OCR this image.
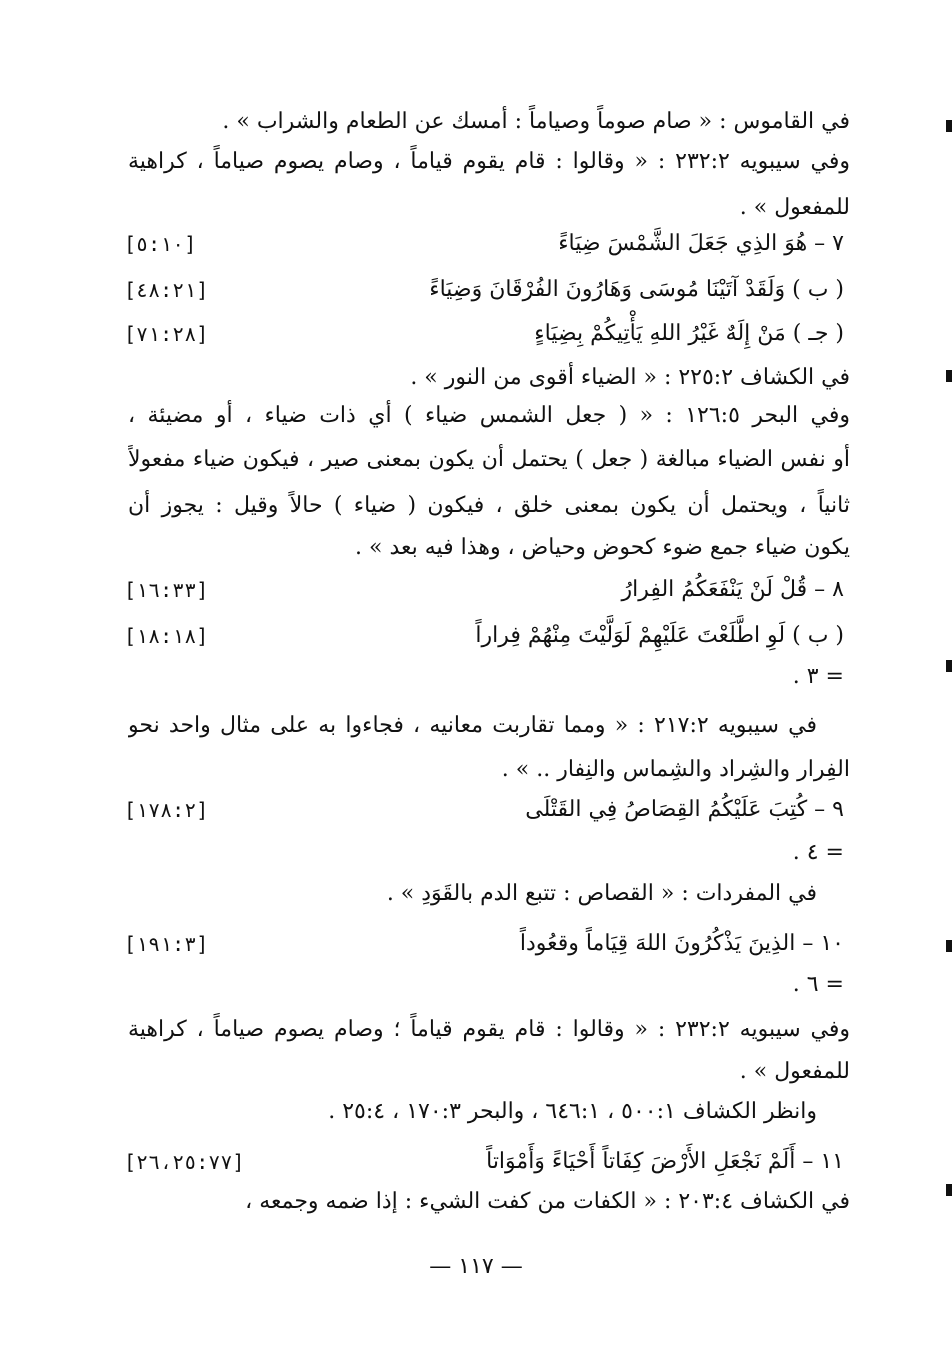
في القاموس : « صام صوماً وصياماً : أمسك عن الطعام والشراب » .
وفي سيبويه ٢٣٢:٢ : « وقالوا : قام يقوم قياماً ، وصام يصوم صياماً ، كراهية
للمفعول » .
٧ – هُوَ الذِي جَعَلَ الشَّمْسَ ضِيَاءً
[٥:١٠]
( ب ) وَلَقَدْ آتَيْنَا مُوسَى وَهَارُونَ الفُرْقَانَ وَضِيَاءً
[٤٨:٢١]
( جـ ) مَنْ إِلَهٌ غَيْرُ اللهِ يَأْتِيكُمْ بِضِيَاءٍ
[٧١:٢٨]
في الكشاف ٢٢٥:٢ : « الضياء أقوى من النور » .
وفي البحر ١٢٦:٥ : « ( جعل الشمس ضياء ) أي ذات ضياء ، أو مضيئة ،
أو نفس الضياء مبالغة ( جعل ) يحتمل أن يكون بمعنى صير ، فيكون ضياء مفعولاً
ثانياً ، ويحتمل أن يكون بمعنى خلق ، فيكون ( ضياء ) حالاً وقيل : يجوز أن
يكون ضياء جمع ضوء كحوض وحياض ، وهذا فيه بعد » .
٨ – قُلْ لَنْ يَنْفَعَكُمُ الفِرارُ
[١٦:٣٣]
( ب ) لَوِ اطَّلَعْتَ عَلَيْهِمْ لَوَلَّيْتَ مِنْهُمْ فِراراً
[١٨:١٨]
= ٣ .
في سيبويه ٢١٧:٢ : « ومما تقاربت معانيه ، فجاءوا به على مثال واحد نحو
الفِرار والشِراد والشِماس والنِفار .. » .
٩ – كُتِبَ عَلَيْكُمُ القِصَاصُ فِي القَتْلَى
[١٧٨:٢]
= ٤ .
في المفردات : « القصاص : تتبع الدم بالقَوَدِ » .
١٠ – الذِينَ يَذْكُرُونَ اللهَ قِيَاماً وقعُوداً
[١٩١:٣]
= ٦ .
وفي سيبويه ٢٣٢:٢ : « وقالوا : قام يقوم قياماً ؛ وصام يصوم صياماً ، كراهية
للمفعول » .
وانظر الكشاف ٥٠٠:١ ، ٦٤٦:١ ، والبحر ١٧٠:٣ ، ٢٥:٤ .
١١ – أَلَمْ نَجْعَلِ الأَرْضَ كِفَاتاً أَحْيَاءً وَأَمْوَاتاً
[٢٦،٢٥:٧٧]
في الكشاف ٢٠٣:٤ : « الكفات من كفت الشيء : إذا ضمه وجمعه ،
— ١١٧ —
